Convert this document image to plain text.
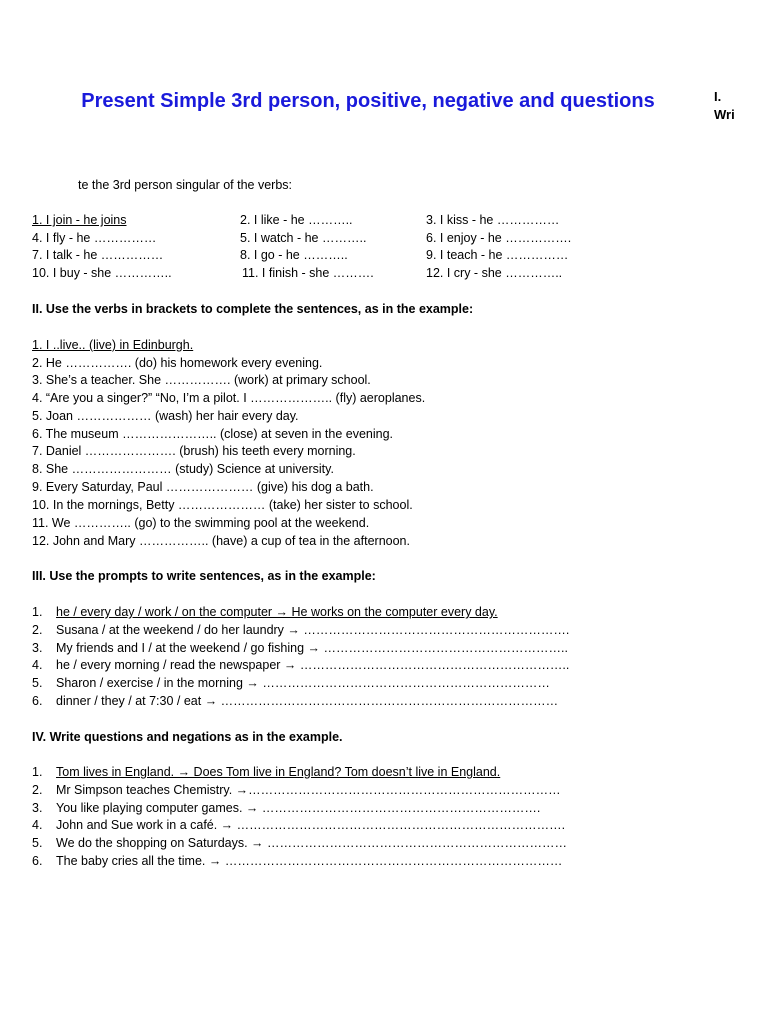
Present Simple 3rd person, positive, negative and questions	I.
Wri
te the 3rd person singular of the verbs:
1. I join - he joins	2. I like - he ………..	3. I kiss - he ……………
4. I fly - he ……………	5. I watch - he ………..	6. I enjoy - he …………….
7. I talk - he ……………	8. I go - he ………..	9. I teach - he ……………
10. I buy - she …………..	11. I finish - she ……….	12. I cry - she …………..
II. Use the verbs in brackets to complete the sentences, as in the example:
1. I ..live.. (live) in Edinburgh.
2. He ……………. (do) his homework every evening.
3. She’s a teacher. She ……………. (work) at primary school.
4. “Are you a singer?” “No, I’m a pilot. I ……………….. (fly) aeroplanes.
5. Joan ……………… (wash) her hair every day.
6. The museum ………………….. (close) at seven in the evening.
7. Daniel …………………. (brush) his teeth every morning.
8. She …………………… (study) Science at university.
9. Every Saturday, Paul ………………… (give) his dog a bath.
10. In the mornings, Betty ………………… (take) her sister to school.
11. We ………….. (go) to the swimming pool at the weekend.
12. John and Mary …………….. (have) a cup of tea in the afternoon.
III. Use the prompts to write sentences, as in the example:
1. he / every day / work / on the computer → He works on the computer every day.
2. Susana / at the weekend / do her laundry → ……………………………………………………….
3. My friends and I / at the weekend / go fishing → …………………………………………………..
4. he / every morning / read the newspaper → ………………………………………………………..
5. Sharon / exercise / in the morning → ……………………………………………………………
6. dinner / they / at 7:30 / eat → ………………………………………………………………………
IV. Write questions and negations as in the example.
1. Tom lives in England. → Does Tom live in England? Tom doesn’t live in England.
2. Mr Simpson teaches Chemistry. →…………………………………………………………………
3. You like playing computer games. → ………………………………………………………….
4. John and Sue work in a café. → …………………………………………………………………….
5. We do the shopping on Saturdays. → ………………………………………………………………
6. The baby cries all the time. → ………………………………………………………………………
